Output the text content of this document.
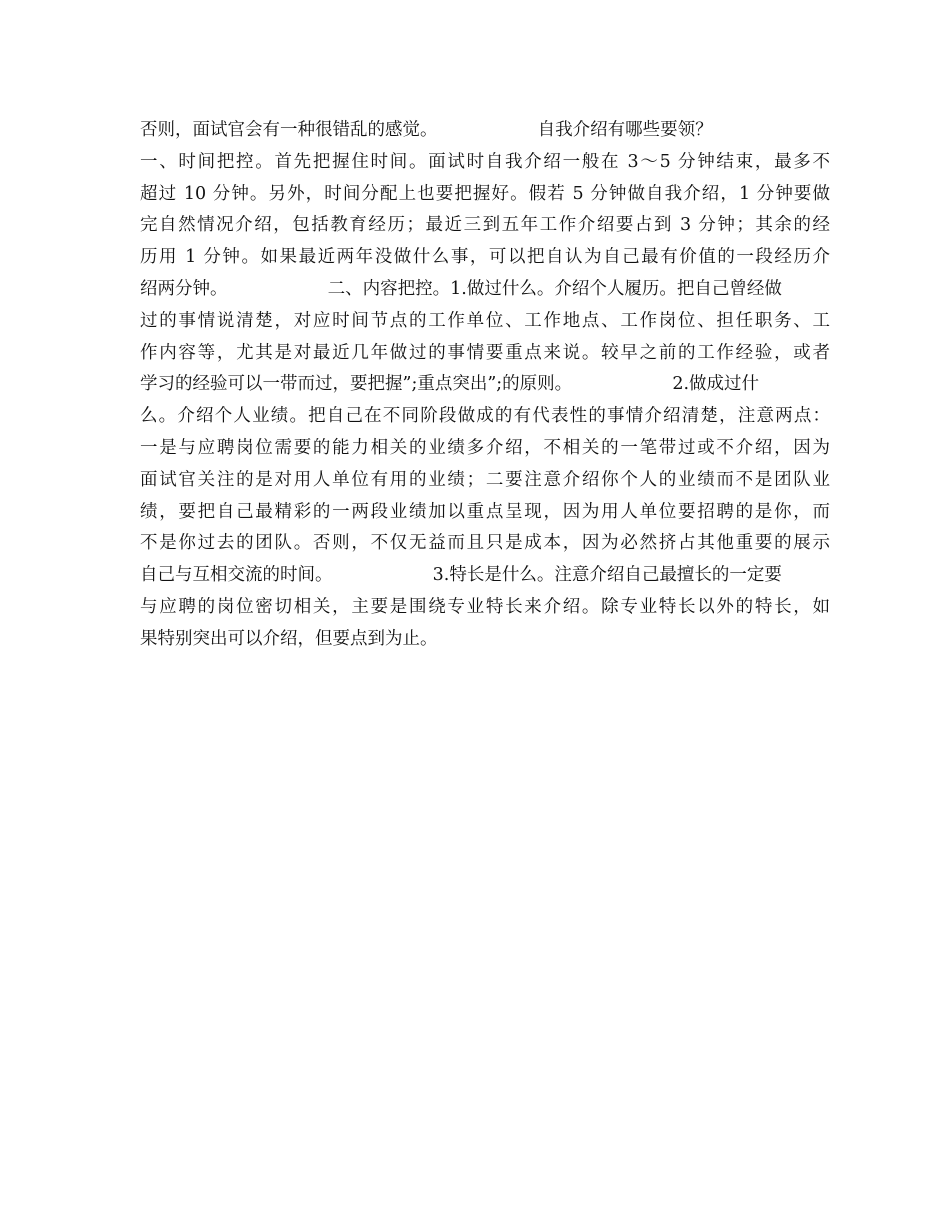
否则，面试官会有一种很错乱的感觉。                  自我介绍有哪些要领？
一、时间把控。首先把握住时间。面试时自我介绍一般在 3～5 分钟结束，最多不
超过 10 分钟。另外，时间分配上也要把握好。假若 5 分钟做自我介绍，1 分钟要做
完自然情况介绍，包括教育经历；最近三到五年工作介绍要占到 3 分钟；其余的经
历用 1 分钟。如果最近两年没做什么事，可以把自认为自己最有价值的一段经历介
绍两分钟。                  二、内容把控。1.做过什么。介绍个人履历。把自己曾经做
过的事情说清楚，对应时间节点的工作单位、工作地点、工作岗位、担任职务、工
作内容等，尤其是对最近几年做过的事情要重点来说。较早之前的工作经验，或者
学习的经验可以一带而过，要把握”;重点突出”;的原则。                  2.做成过什
么。介绍个人业绩。把自己在不同阶段做成的有代表性的事情介绍清楚，注意两点：
一是与应聘岗位需要的能力相关的业绩多介绍，不相关的一笔带过或不介绍，因为
面试官关注的是对用人单位有用的业绩；二要注意介绍你个人的业绩而不是团队业
绩，要把自己最精彩的一两段业绩加以重点呈现，因为用人单位要招聘的是你，而
不是你过去的团队。否则，不仅无益而且只是成本，因为必然挤占其他重要的展示
自己与互相交流的时间。                  3.特长是什么。注意介绍自己最擅长的一定要
与应聘的岗位密切相关，主要是围绕专业特长来介绍。除专业特长以外的特长，如
果特别突出可以介绍，但要点到为止。
